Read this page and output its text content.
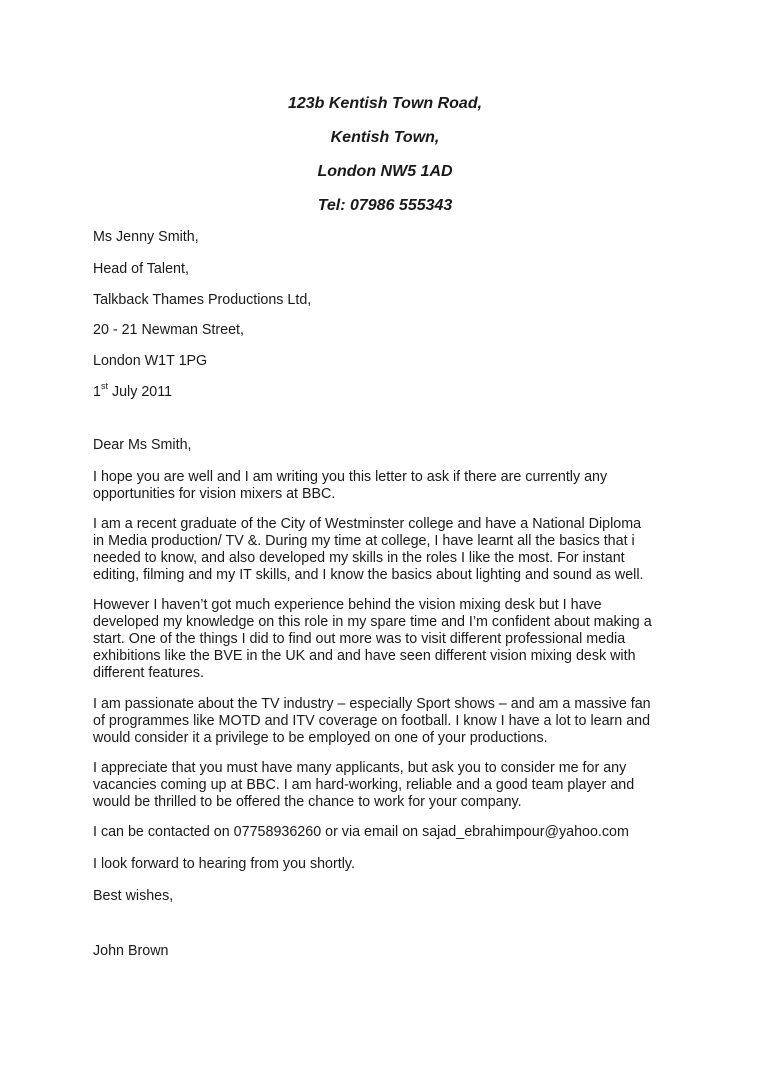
123b Kentish Town Road,
Kentish Town,
London NW5 1AD
Tel: 07986 555343
Ms Jenny Smith,
Head of Talent,
Talkback Thames Productions Ltd,
20 - 21 Newman Street,
London W1T 1PG
1st July 2011
Dear Ms Smith,
I hope you are well and I am writing you this letter to ask if there are currently any
opportunities for vision mixers at BBC.
I am a recent graduate of the City of Westminster college and have a National Diploma
in Media production/ TV &. During my time at college, I have learnt all the basics that i
needed to know, and also developed my skills in the roles I like the most. For instant
editing, filming and my IT skills, and I know the basics about lighting and sound as well.
However I haven’t got much experience behind the vision mixing desk but I have
developed my knowledge on this role in my spare time and I’m confident about making a
start. One of the things I did to find out more was to visit different professional media
exhibitions like the BVE in the UK and and have seen different vision mixing desk with
different features.
I am passionate about the TV industry – especially Sport shows – and am a massive fan
of programmes like MOTD and ITV coverage on football. I know I have a lot to learn and
would consider it a privilege to be employed on one of your productions.
I appreciate that you must have many applicants, but ask you to consider me for any
vacancies coming up at BBC. I am hard-working, reliable and a good team player and
would be thrilled to be offered the chance to work for your company.
I can be contacted on 07758936260 or via email on sajad_ebrahimpour@yahoo.com
I look forward to hearing from you shortly.
Best wishes,
John Brown
